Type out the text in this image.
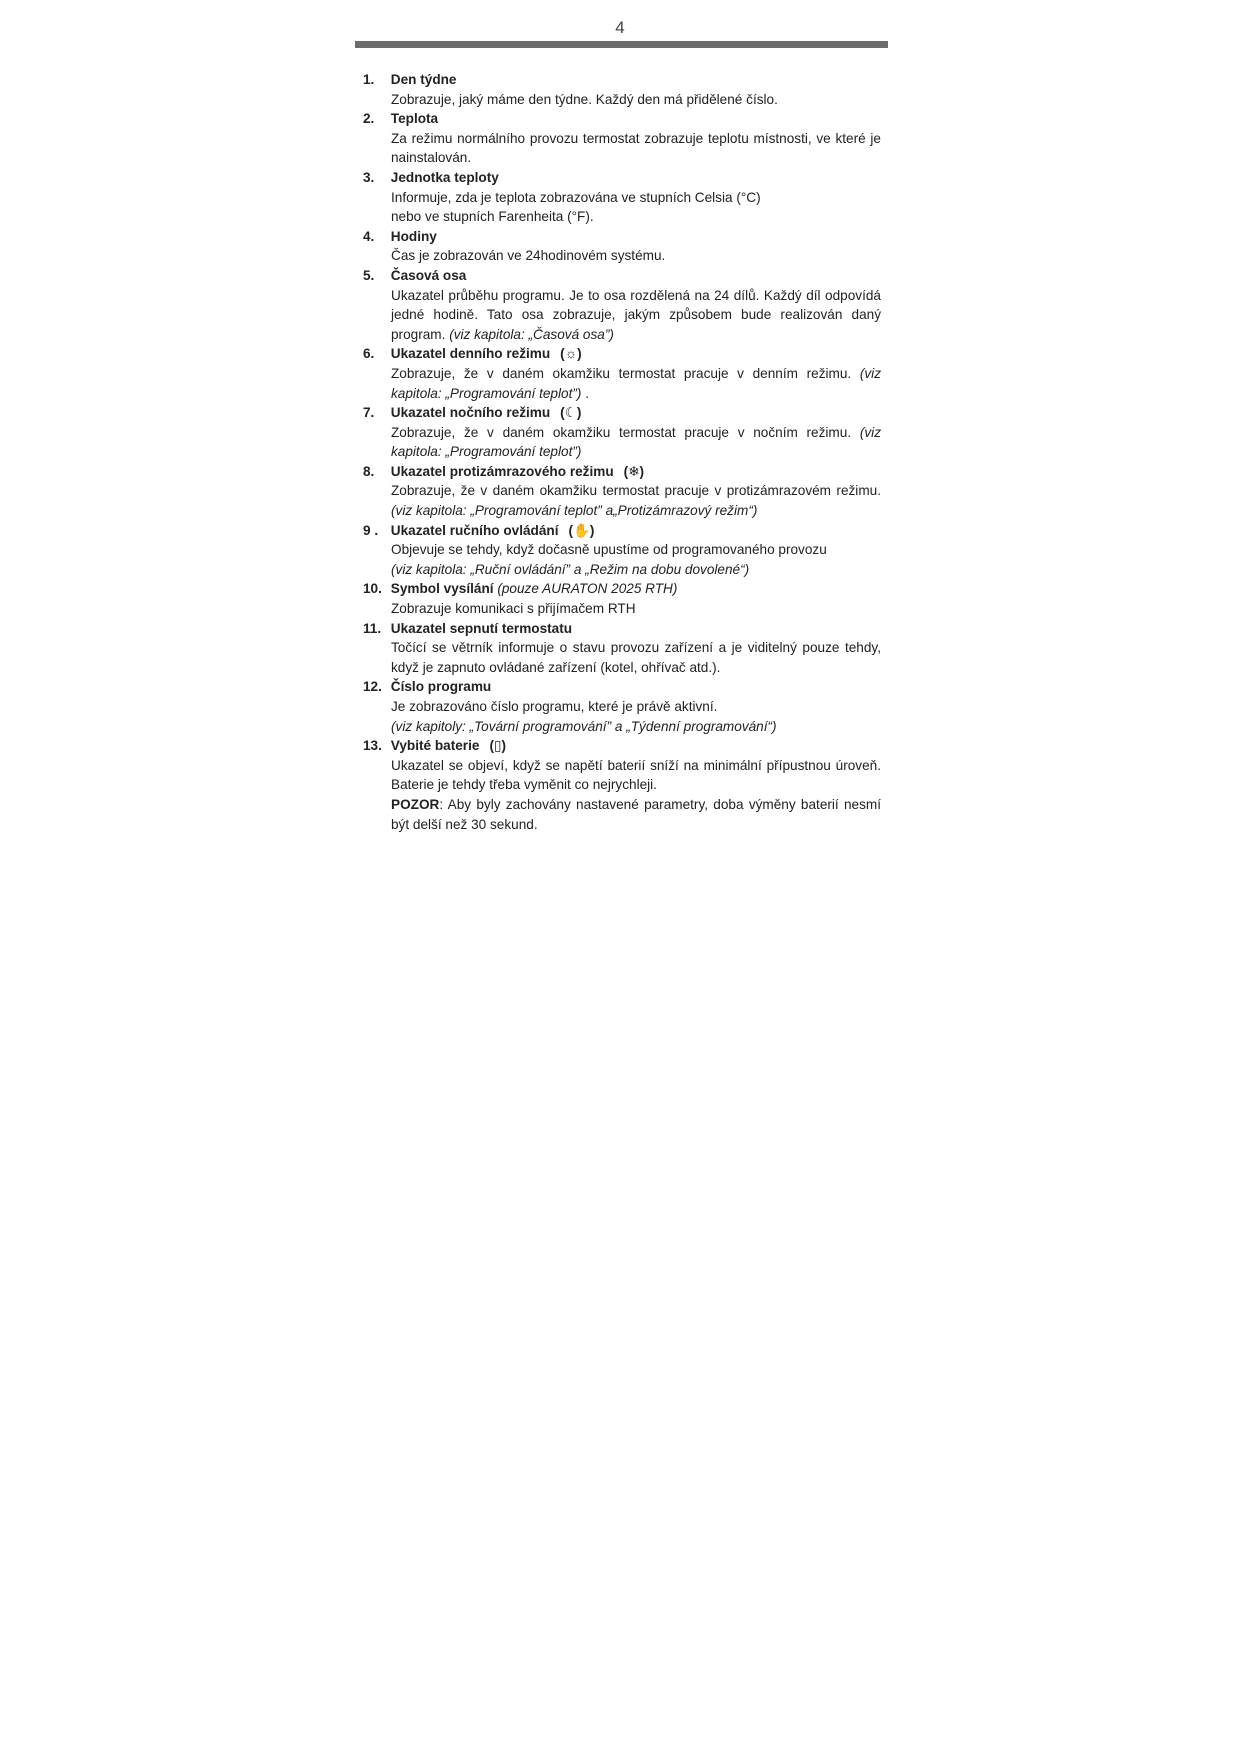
4

1. Den týdne

Zobrazuje, jaký máme den týdne. Každý den má přidělené číslo.

2. Teplota

Za režimu normálního provozu termostat zobrazuje teplotu místnosti, ve které je nainstalován.

3. Jednotka teploty

Informuje, zda je teplota zobrazována ve stupních Celsia (°C)
nebo ve stupních Farenheita (°F).

4. Hodiny

Čas je zobrazován ve 24hodinovém systému.

5. Časová osa

Ukazatel průběhu programu. Je to osa rozdělená na 24 dílů. Každý díl odpovídá jedné hodině. Tato osa zobrazuje, jakým způsobem bude realizován daný program. (viz kapitola: „Časová osa”)

6. Ukazatel denního režimu (☼)

Zobrazuje, že v daném okamžiku termostat pracuje v denním režimu. (viz kapitola: „Programování teplot”) .

7. Ukazatel nočního režimu (☾)

Zobrazuje, že v daném okamžiku termostat pracuje v nočním režimu. (viz kapitola: „Programování teplot”)

8. Ukazatel protizámrazového režimu (❄)

Zobrazuje, že v daném okamžiku termostat pracuje v protizámrazovém režimu. (viz kapitola: „Programování teplot” a„Protizámrazový režim“)

9 . Ukazatel ručního ovládání (✋)

Objevuje se tehdy, když dočasně upustíme od programovaného provozu
(viz kapitola: „Ruční ovládání” a „Režim na dobu dovolené“)

10. Symbol vysílání (pouze AURATON 2025 RTH)

Zobrazuje komunikaci s přijímačem RTH

11. Ukazatel sepnutí termostatu

Točící se větrník informuje o stavu provozu zařízení a je viditelný pouze tehdy, když je zapnuto ovládané zařízení (kotel, ohřívač atd.).

12. Číslo programu

Je zobrazováno číslo programu, které je právě aktivní.
(viz kapitoly: „Tovární programování” a „Týdenní programování“)

13. Vybité baterie (▯)

Ukazatel se objeví, když se napětí baterií sníží na minimální přípustnou úroveň. Baterie je tehdy třeba vyměnit co nejrychleji.

POZOR: Aby byly zachovány nastavené parametry, doba výměny baterií nesmí být delší než 30 sekund.
